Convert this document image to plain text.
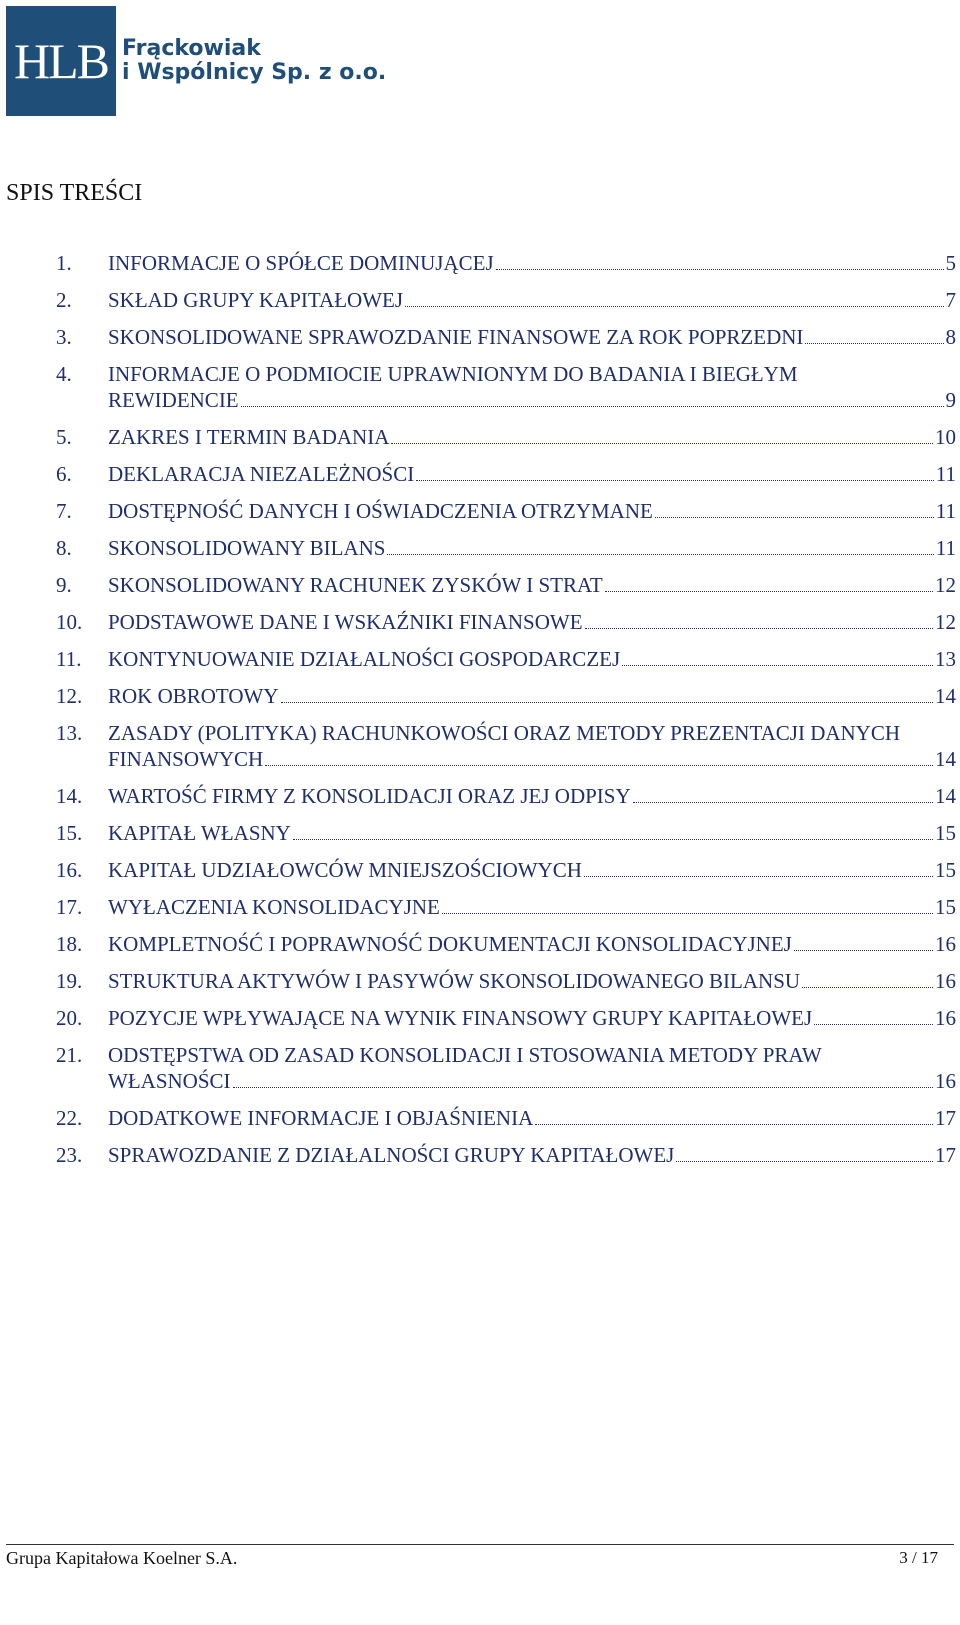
HLB Frąckowiak
i Wspólnicy Sp. z o.o.
SPIS TREŚCI
1.	INFORMACJE O SPÓŁCE DOMINUJĄCEJ	5
2.	SKŁAD GRUPY KAPITAŁOWEJ	7
3.	SKONSOLIDOWANE SPRAWOZDANIE FINANSOWE ZA ROK POPRZEDNI	8
4.	INFORMACJE O PODMIOCIE UPRAWNIONYM DO BADANIA I BIEGŁYM
REWIDENCIE	9
5.	ZAKRES I TERMIN BADANIA	10
6.	DEKLARACJA NIEZALEŻNOŚCI	11
7.	DOSTĘPNOŚĆ DANYCH I OŚWIADCZENIA OTRZYMANE	11
8.	SKONSOLIDOWANY BILANS	11
9.	SKONSOLIDOWANY RACHUNEK ZYSKÓW I STRAT	12
10.	PODSTAWOWE DANE I WSKAŹNIKI FINANSOWE	12
11.	KONTYNUOWANIE DZIAŁALNOŚCI GOSPODARCZEJ	13
12.	ROK OBROTOWY	14
13.	ZASADY (POLITYKA) RACHUNKOWOŚCI ORAZ METODY PREZENTACJI DANYCH
FINANSOWYCH	14
14.	WARTOŚĆ FIRMY Z KONSOLIDACJI ORAZ JEJ ODPISY	14
15.	KAPITAŁ WŁASNY	15
16.	KAPITAŁ UDZIAŁOWCÓW MNIEJSZOŚCIOWYCH	15
17.	WYŁACZENIA KONSOLIDACYJNE	15
18.	KOMPLETNOŚĆ I POPRAWNOŚĆ DOKUMENTACJI KONSOLIDACYJNEJ	16
19.	STRUKTURA AKTYWÓW I PASYWÓW SKONSOLIDOWANEGO BILANSU	16
20.	POZYCJE WPŁYWAJĄCE NA WYNIK FINANSOWY GRUPY KAPITAŁOWEJ	16
21.	ODSTĘPSTWA OD ZASAD KONSOLIDACJI I STOSOWANIA METODY PRAW
WŁASNOŚCI	16
22.	DODATKOWE INFORMACJE I OBJAŚNIENIA	17
23.	SPRAWOZDANIE Z DZIAŁALNOŚCI GRUPY KAPITAŁOWEJ	17
Grupa Kapitałowa Koelner S.A.	3 / 17
